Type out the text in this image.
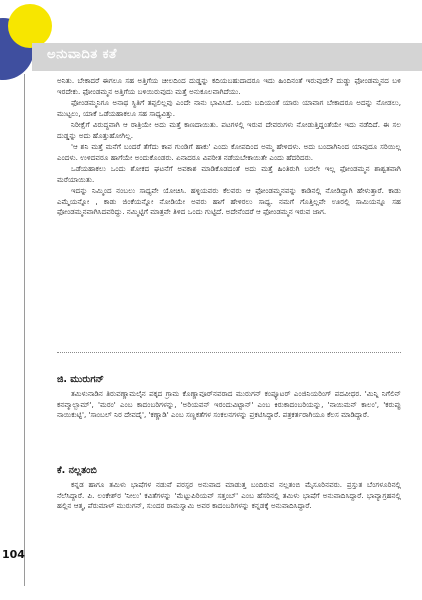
ಅನುವಾದಿತ ಕತೆ

ಅನಿತು. ಬೇಕಾದರೆ ಈಗಲೂ ಸಹ ಅತ್ತಿಗೆಯ ಚೀಲದಿಂದ ದುಡ್ಡನ್ನು ಕದಿಯಬಹುದಾದರೂ ಇದು ಹಿಂದಿನಂತೆ ಇರುವುದೇ? ದುಡ್ಡು ಫೋಂಡಮ್ಮನದ ಬಳಿ ಇರದೇಕು. ಫೋಂಡಮ್ಮನ ಅತ್ತಿಗೆಯ ಬಳಿಯಿರುವುದು ಮತ್ತೆ ಅನುಕೂಲವಾಗಿದೆಯು.

ಫೋಂಡಮ್ಮನಿಗೂ ಅನಾಥ ಸ್ಥಿತಿಗೆ ತಪ್ಪಲಿಲ್ಲವು ಎಂದೇ ನಾನು ಭಾವಿಸಿದೆ. ಒಂದು ಬದಿಯಂತೆ ಯಾರು ಯಾವಾಗ ಬೇಕಾದರೂ ಅದನ್ನು ನೋಡಲು, ಮುಟ್ಟಲು, ಯಾಕೆ ಒಡೆಯಹಾಕಲೂ ಸಹ ಸಾಧ್ಯವಿತ್ತು.

ನಿರೀಕ್ಷೆಗೆ ವಿರುದ್ಧವಾಗಿ ಆ ರಾತ್ರಿಯೇ ಅದು ಮತ್ತೆ ಕಾಣದಾಯಿತು. ಪಟಗಳಲ್ಲಿ ಇರುವ ದೇವರುಗಳು ನೋಡುತ್ತಿದ್ದಂತೆಯೇ ಇದು ನಡೆದಿದೆ. ಈ ಸಲ ದುಡ್ಡನ್ನು ಅದು ಹೊತ್ತುಹೋಗಿಲ್ಲ.

'ಆ ಶನಿ ಮತ್ತೆ ಮನೆಗೆ ಬಂದರೆ ತೆಗೆದು ಕಾಪ ಗುಂಡಿಗೆ ಹಾಕು' ಎಂದು ಕೋಪದಿಂದ ಅಮ್ಮ ಹೇಳಿದಳು. ಅದು ಬಂದಾಗಿನಿಂದ ಯಾವುದೂ ಸರಿಯಿಲ್ಲ ಎಂದಳು. ಉಳಿದವರೂ ಹಾಗೆಯೇ ಅಂದುಕೊಂಡರು. ಏನಾದರೂ ವಿಪರೀತ ನಡೆಯಬೇಕಾಯಿತೇ ಎಂದು ಹೆದರಿದರು.

ಒಡೆಯಹಾಕಲು ಒಂದು ಶೋಕದ ಘಟನೆಗೆ ಅವಕಾಶ ಮಾಡಿಕೊಡದಂತೆ ಅದು ಮತ್ತೆ ಹಿಂತಿರುಗಿ ಬರಲೇ ಇಲ್ಲ ಫೋಂಡಮ್ಮನ ಶಾಶ್ವತವಾಗಿ ಮರೆಯಾಯಿತು.

ಇದನ್ನು ನಿಮ್ಮಿಂದ ನಂಬಲು ಸಾಧ್ಯವೇ ಯೋಚಿಸಿ. ಹಳ್ಳಿಯವರು ಕೆಲವರು ಆ ಫೋಂಡಮ್ಮನವನ್ನು ಕಾಡಿನಲ್ಲಿ ನೋಡಿದ್ದಾಗಿ ಹೇಳುತ್ತಾರೆ. ಕಾಡು ಎಮ್ಮೆಯನ್ನೋ , ಕಾಡು ಜಿಂಕೆಯನ್ನೋ ನೋಡಿಯೇ ಅವರು ಹಾಗೆ ಹೇಳಿರಲು ಸಾಧ್ಯ. ನಮಗೆ ಗೊತ್ತಿಲ್ಲವೇ ಊರಲ್ಲಿ ಸಾಮಿಯನ್ನೂ ಸಹ ಫೋಂಡಮ್ಮನವಾಗಿಸಿದವರಿದ್ದು. ನಮ್ಮಿಟ್ಟಿಗೆ ಮಾತ್ರವೇ ತಿಳಿದ ಒಂದು ಗುಟ್ಟಿದೆ. ಅದೇನೆಂದರೆ ಆ ಫೋಂಡಮ್ಮನ ಇರುವ ಜಾಗ.

ಜಿ. ಮುರುಗನ್

ತಮಿಳುನಾಡಿನ ತಿರುವಣ್ಣಾಮಲೈನ ಪಕ್ಕದ ಗ್ರಾಮ ಕೊಣ್ಣಾವೂರ್‌ನವರಾದ ಮುರುಗನ್ ಕಂಪ್ಯೂಟರ್ ಎಂಜಿನಿಯರಿಂಗ್ ಪದವೀಧರ. 'ಮಿನ್ನಿ ನಿಗೆಲಿನ್ ಕನವ್ಮಾಲ್ಬಾಮ್', 'ಮರಂ' ಎಂಬ ಕಾದಂಬರಿಗಳನ್ನು, 'ಅರಿಯವನ್ ಇರಂದುವಿಟ್ಟಾನ್' ಎಂಬ ಕಿರುಕಾದಂಬರಿಯನ್ನು, 'ನಾಯಿಮನ್ ಕಾಲಂ', 'ಕರುಪ್ಪು ನಾಯಿಕುಟ್ಟಿ', 'ಸಾಂಬಲ್ ನಿರ ದೇವದೈ', 'ಕಣ್ಣಾಡಿ' ಎಂಬ ಸಣ್ಣಕತೆಗಳ ಸಂಕಲನಗಳನ್ನು ಪ್ರಕಟಿಸಿದ್ದಾರೆ. ಪತ್ರಕರ್ತರಾಗಿಯೂ ಕೆಲಸ ಮಾಡಿದ್ದಾರೆ.

ಕೆ. ನಲ್ಲತಂಬಿ

ಕನ್ನಡ ಹಾಗೂ ತಮಿಳು ಭಾಷೆಗಳ ನಡುವೆ ಪರಸ್ಪರ ಅನುವಾದ ಮಾಡುತ್ತ ಬಂದಿರುವ ನಲ್ಲತಂಬಿ ಮೈಸೂರಿನವರು. ಪ್ರಸ್ತುತ ಬೆಂಗಳೂರಿನಲ್ಲಿ ನೆಲೆಸಿದ್ದಾರೆ. ಪಿ. ಲಂಕೇಶ್‌ರ 'ನೀಲು' ಕವಿತೆಗಳನ್ನು 'ಮೆಟ್ಟುಪಿರಿಯವ್ ಸತ್ತಂಬ್' ಎಂಬ ಹೆಸರಿನಲ್ಲಿ ತಮಿಳು ಭಾಷೆಗೆ ಅನುವಾದಿಸಿದ್ದಾರೆ. ಭಾವ್ಯಾಗ್ರಹನಲ್ಲಿ ಹಲ್ಲಿನ ಆತ್ಮ, ಪೆರುಮಾಳ್ ಮುರುಗನ್, ಸುಂದರ ರಾಮಸ್ವಾಮಿ ಅವರ ಕಾದಂಬರಿಗಳನ್ನು ಕನ್ನಡಕ್ಕೆ ಅನುವಾದಿಸಿದ್ದಾರೆ.

104
